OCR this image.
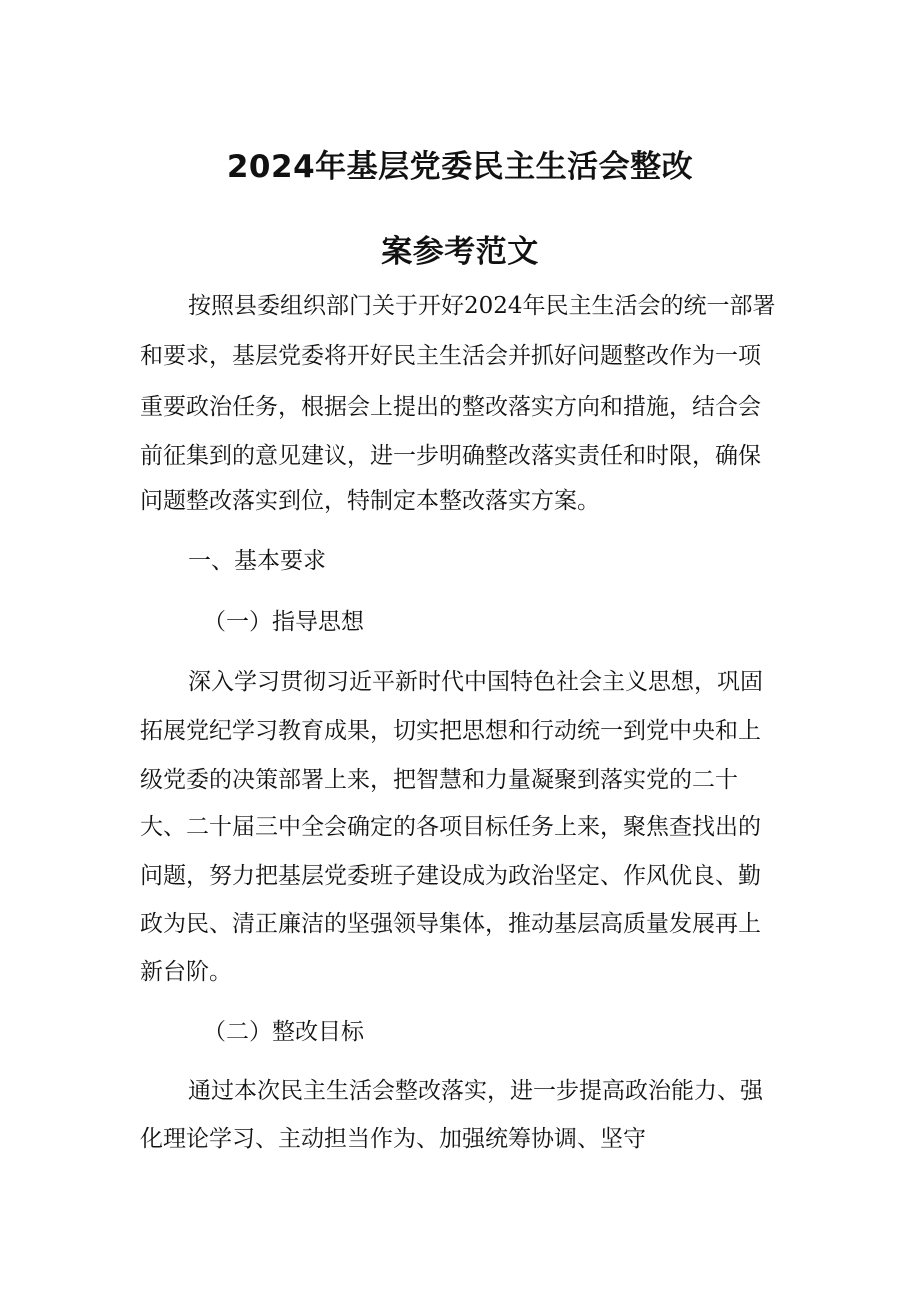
2024年基层党委民主生活会整改
案参考范文
按照县委组织部门关于开好2024年民主生活会的统一部署
和要求，基层党委将开好民主生活会并抓好问题整改作为一项
重要政治任务，根据会上提出的整改落实方向和措施，结合会
前征集到的意见建议，进一步明确整改落实责任和时限，确保
问题整改落实到位，特制定本整改落实方案。
一、基本要求
（一）指导思想
深入学习贯彻习近平新时代中国特色社会主义思想，巩固
拓展党纪学习教育成果，切实把思想和行动统一到党中央和上
级党委的决策部署上来，把智慧和力量凝聚到落实党的二十
大、二十届三中全会确定的各项目标任务上来，聚焦查找出的
问题，努力把基层党委班子建设成为政治坚定、作风优良、勤
政为民、清正廉洁的坚强领导集体，推动基层高质量发展再上
新台阶。
（二）整改目标
通过本次民主生活会整改落实，进一步提高政治能力、强
化理论学习、主动担当作为、加强统筹协调、坚守
